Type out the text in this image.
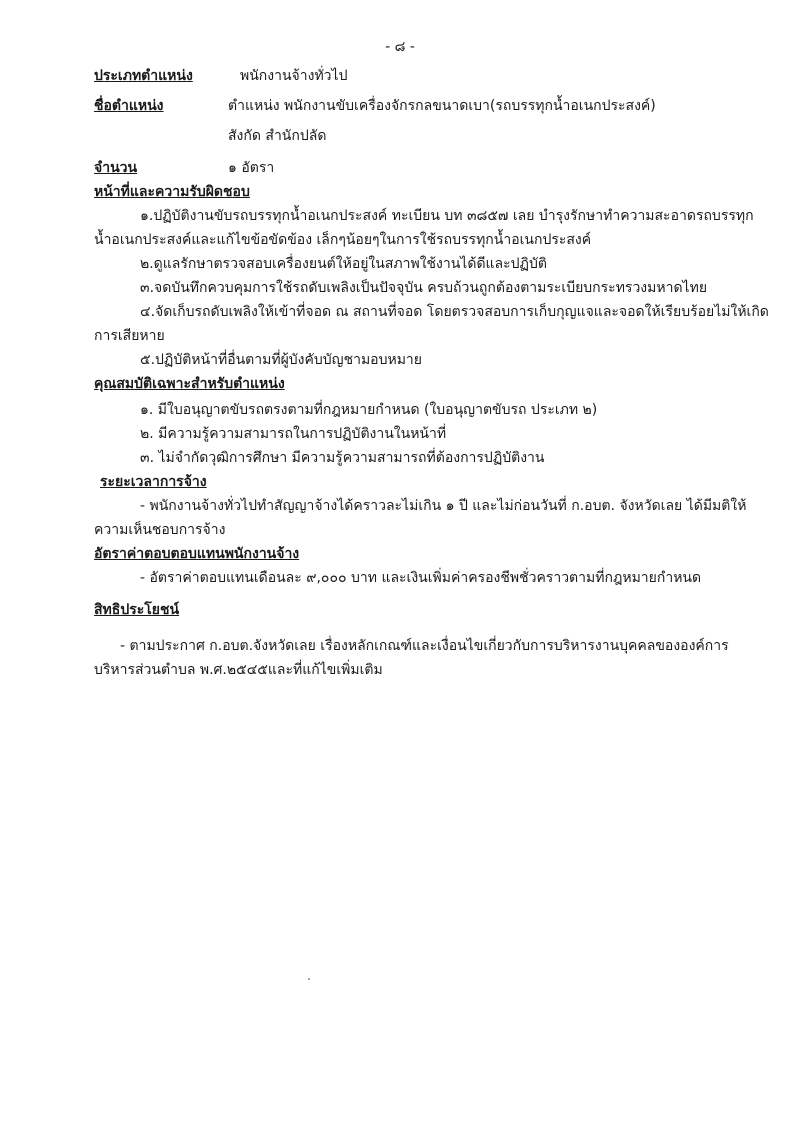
- ๘ -
ประเภทตำแหน่ง	พนักงานจ้างทั่วไป
ชื่อตำแหน่ง	ตำแหน่ง พนักงานขับเครื่องจักรกลขนาดเบา(รถบรรทุกน้ำอเนกประสงค์)
สังกัด สำนักปลัด
จำนวน	๑ อัตรา
หน้าที่และความรับผิดชอบ
๑.ปฏิบัติงานขับรถบรรทุกน้ำอเนกประสงค์ ทะเบียน บท ๓๘๕๗ เลย บำรุงรักษาทำความสะอาดรถบรรทุก
น้ำอเนกประสงค์และแก้ไขข้อขัดข้อง เล็กๆน้อยๆในการใช้รถบรรทุกน้ำอเนกประสงค์
๒.ดูแลรักษาตรวจสอบเครื่องยนต์ให้อยู่ในสภาพใช้งานได้ดีและปฏิบัติ
๓.จดบันทึกควบคุมการใช้รถดับเพลิงเป็นปัจจุบัน ครบถ้วนถูกต้องตามระเบียบกระทรวงมหาดไทย
๔.จัดเก็บรถดับเพลิงให้เข้าที่จอด ณ สถานที่จอด โดยตรวจสอบการเก็บกุญแจและจอดให้เรียบร้อยไม่ให้เกิด
การเสียหาย
๕.ปฏิบัติหน้าที่อื่นตามที่ผู้บังคับบัญชามอบหมาย
คุณสมบัติเฉพาะสำหรับตำแหน่ง
๑. มีใบอนุญาตขับรถตรงตามที่กฎหมายกำหนด (ใบอนุญาตขับรถ ประเภท ๒)
๒. มีความรู้ความสามารถในการปฏิบัติงานในหน้าที่
๓. ไม่จำกัดวุฒิการศึกษา มีความรู้ความสามารถที่ต้องการปฏิบัติงาน
ระยะเวลาการจ้าง
- พนักงานจ้างทั่วไปทำสัญญาจ้างได้คราวละไม่เกิน ๑ ปี และไม่ก่อนวันที่ ก.อบต. จังหวัดเลย ได้มีมติให้
ความเห็นชอบการจ้าง
อัตราค่าตอบตอบแทนพนักงานจ้าง
- อัตราค่าตอบแทนเดือนละ ๙,๐๐๐ บาท และเงินเพิ่มค่าครองชีพชั่วคราวตามที่กฎหมายกำหนด
สิทธิประโยชน์
- ตามประกาศ ก.อบต.จังหวัดเลย เรื่องหลักเกณฑ์และเงื่อนไขเกี่ยวกับการบริหารงานบุคคลขององค์การ
บริหารส่วนตำบล พ.ศ.๒๕๔๕และที่แก้ไขเพิ่มเติม
